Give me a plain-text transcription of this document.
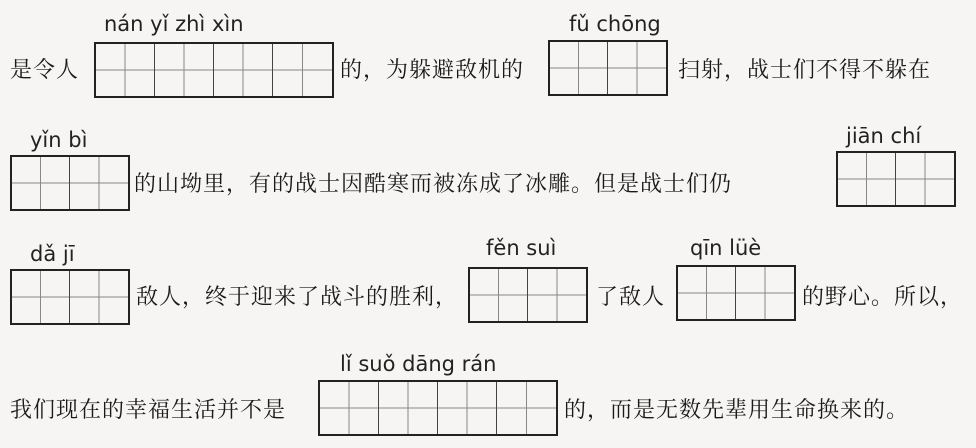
nán yǐ zhì xìn
是令人	的，为躲避敌机的
fǔ chōng
扫射，战士们不得不躲在
yǐn bì
的山坳里，有的战士因酷寒而被冻成了冰雕。但是战士们仍
jiān chí
dǎ jī
敌人，终于迎来了战斗的胜利，
fěn suì
了敌人
qīn lüè
的野心。所以，
lǐ suǒ dāng rán
我们现在的幸福生活并不是	的，而是无数先辈用生命换来的。
